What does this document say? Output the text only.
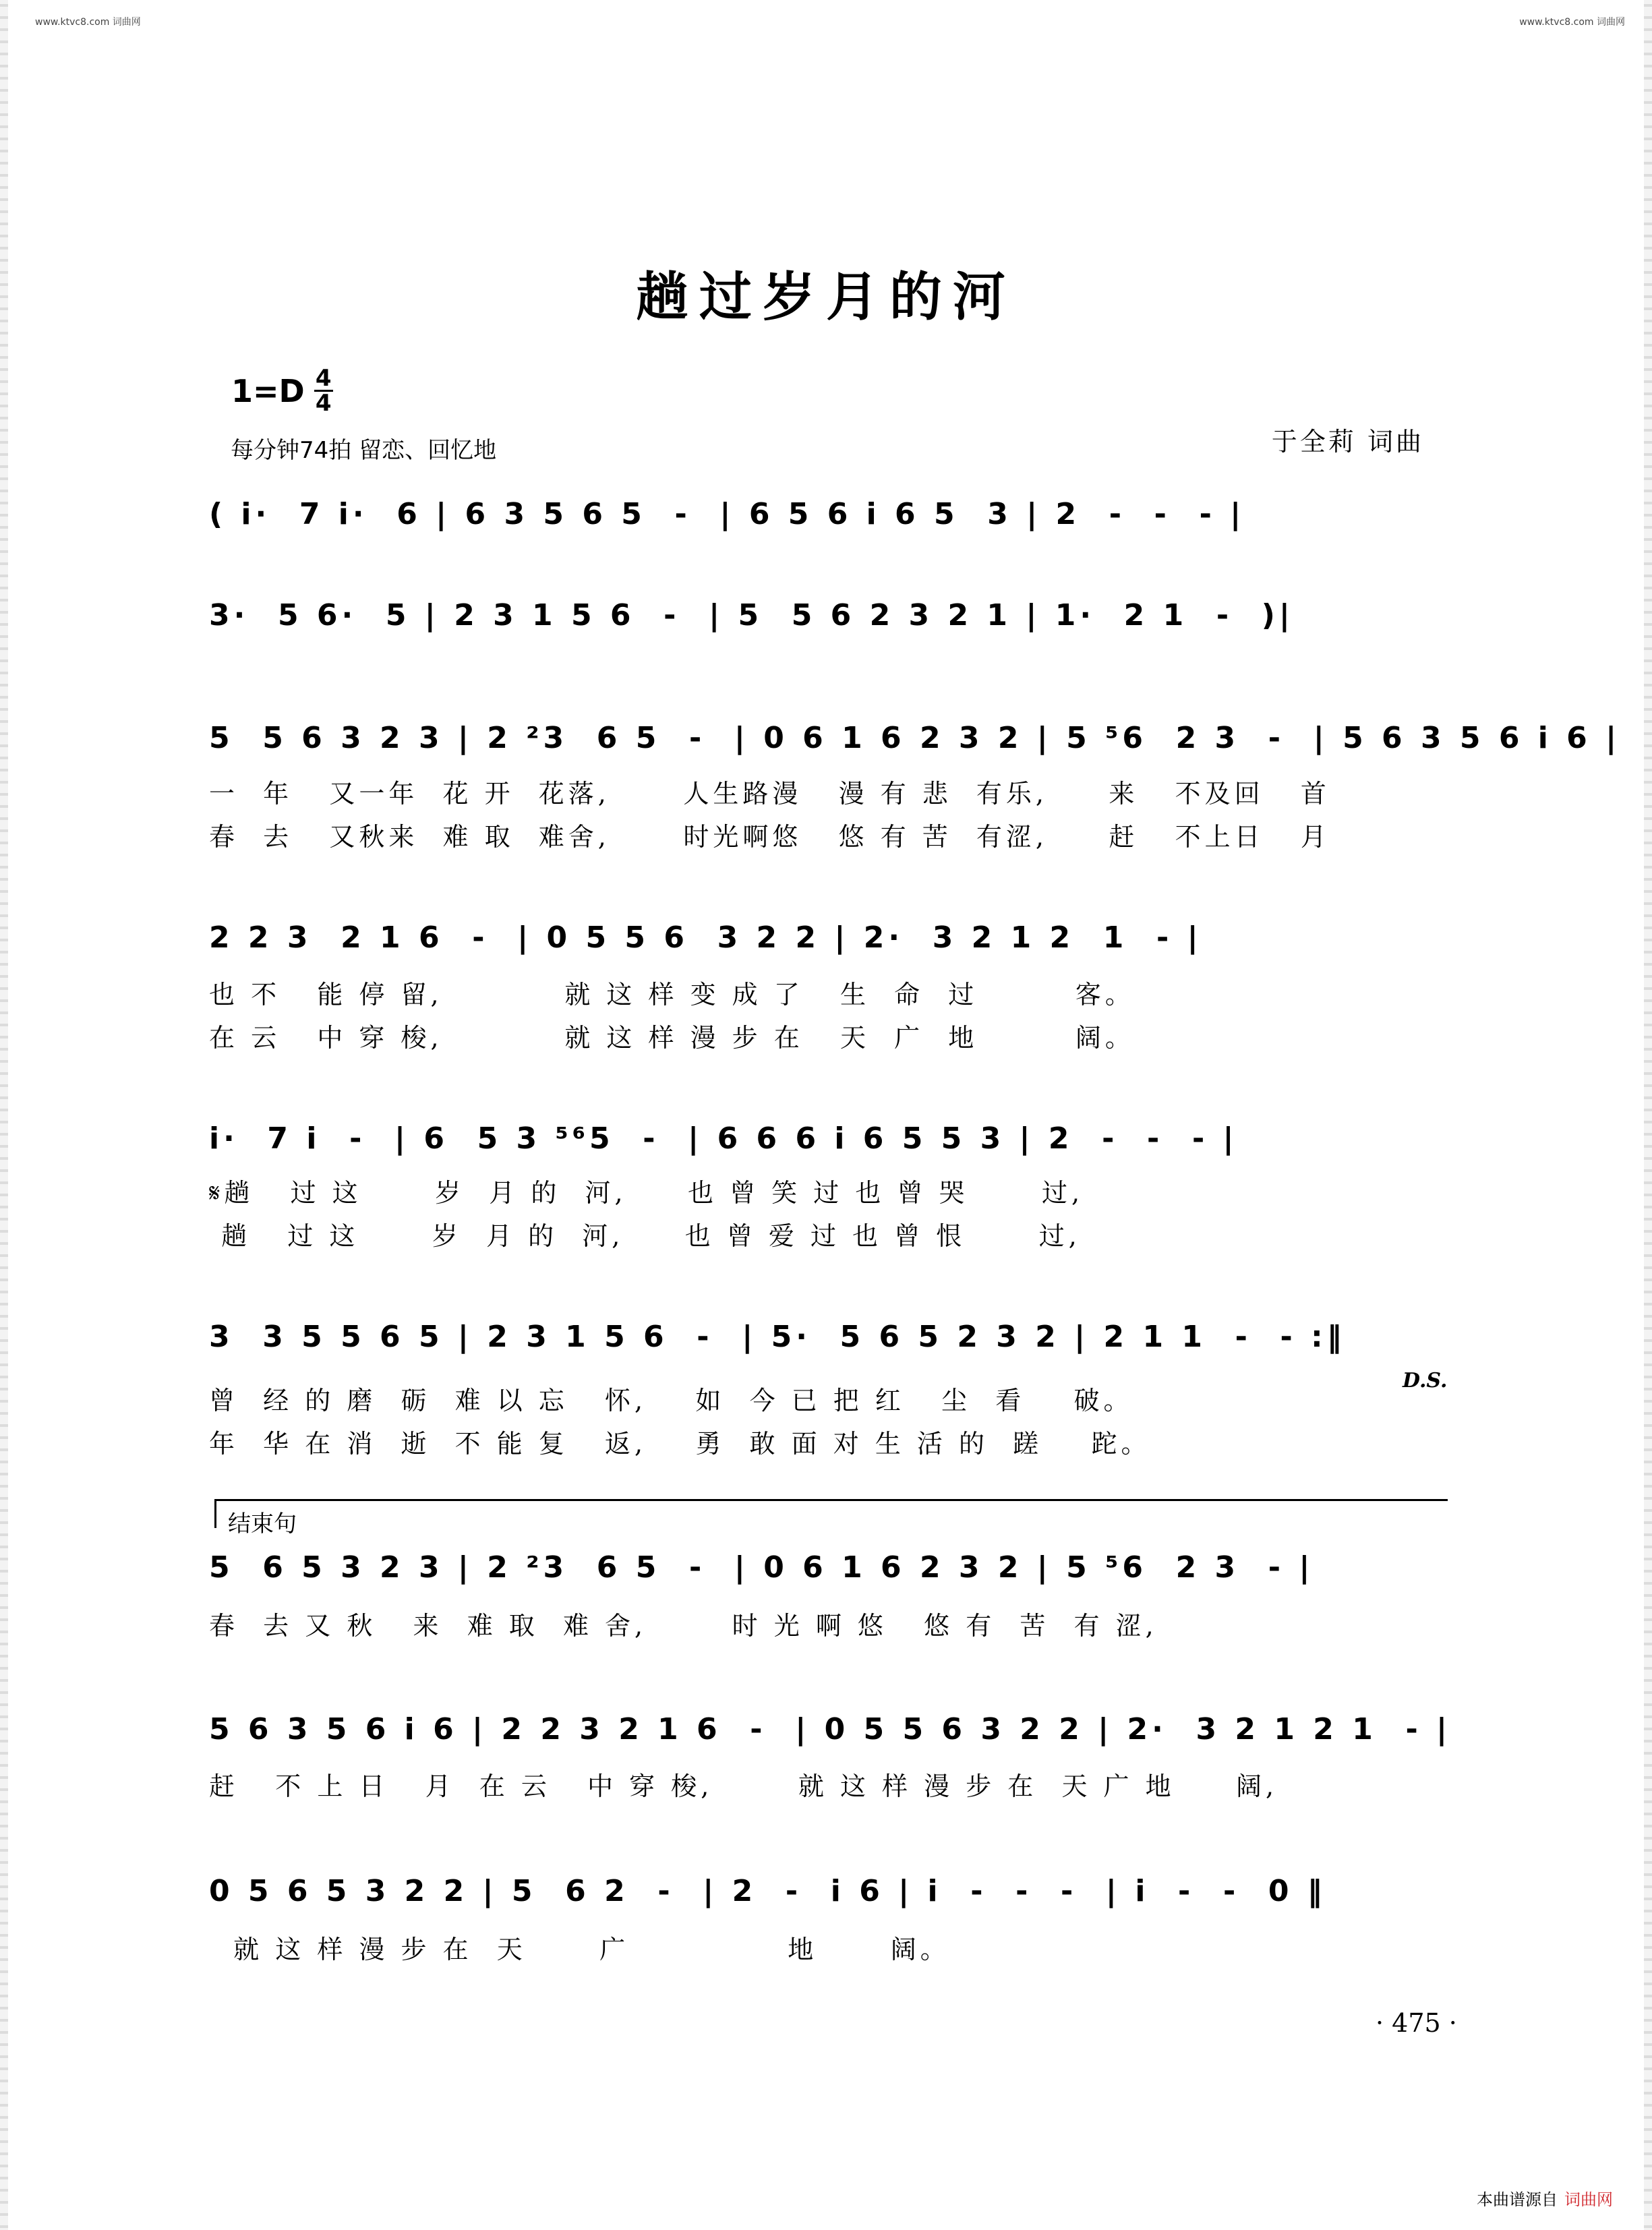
www.ktvc8.com 词曲网	www.ktvc8.com 词曲网
趟过岁月的河
1=D 4
4
每分钟74拍 留恋、回忆地	于全莉 词曲
( i·  7 i·  6 | 6 3 5 6 5  -  | 6 5 6 i 6 5  3 | 2  -  -  - |
3·  5 6·  5 | 2 3 1 5 6  -  | 5  5 6 2 3 2 1 | 1·  2 1  -  )|
5  5 6 3 2 3 | 2 ²3  6 5  -  | 0 6 1 6 2 3 2 | 5 ⁵6  2 3  -  | 5 6 3 5 6 i 6 |
一  年   又一年  花 开  花落,      人生路漫   漫 有 悲  有乐,     来   不及回   首
春  去   又秋来  难 取  难舍,      时光啊悠   悠 有 苦  有涩,     赶   不上日   月
2 2 3  2 1 6  -  | 0 5 5 6  3 2 2 | 2·  3 2 1 2  1  - |
也 不   能 停 留,          就 这 样 变 成 了   生  命  过        客。
在 云   中 穿 梭,          就 这 样 漫 步 在   天  广  地        阔。
i·  7 i  -  | 6  5 3 ⁵⁶5  -  | 6 6 6 i 6 5 5 3 | 2  -  -  - |
𝄋趟   过 这      岁  月 的  河,     也 曾 笑 过 也 曾 哭      过,
趟   过 这      岁  月 的  河,     也 曾 爱 过 也 曾 恨      过,
3  3 5 5 6 5 | 2 3 1 5 6  -  | 5·  5 6 5 2 3 2 | 2 1 1  -  - :‖
D.S.
曾  经 的 磨  砺  难 以 忘   怀,    如  今 已 把 红   尘  看    破。
年  华 在 消  逝  不 能 复   返,    勇  敢 面 对 生 活 的  蹉    跎。
结束句
5  6 5 3 2 3 | 2 ²3  6 5  -  | 0 6 1 6 2 3 2 | 5 ⁵6  2 3  - |
春  去 又 秋   来  难 取  难 舍,       时 光 啊 悠   悠 有  苦  有 涩,
5 6 3 5 6 i 6 | 2 2 3 2 1 6  -  | 0 5 5 6 3 2 2 | 2·  3 2 1 2 1  - |
赶   不 上 日   月  在 云   中 穿 梭,       就 这 样 漫 步 在  天 广 地     阔,
0 5 6 5 3 2 2 | 5  6 2  -  | 2  -  i 6 | i  -  -  -  | i  -  -  0 ‖
就 这 样 漫 步 在  天      广             地      阔。
· 475 ·
本曲谱源自 词曲网
